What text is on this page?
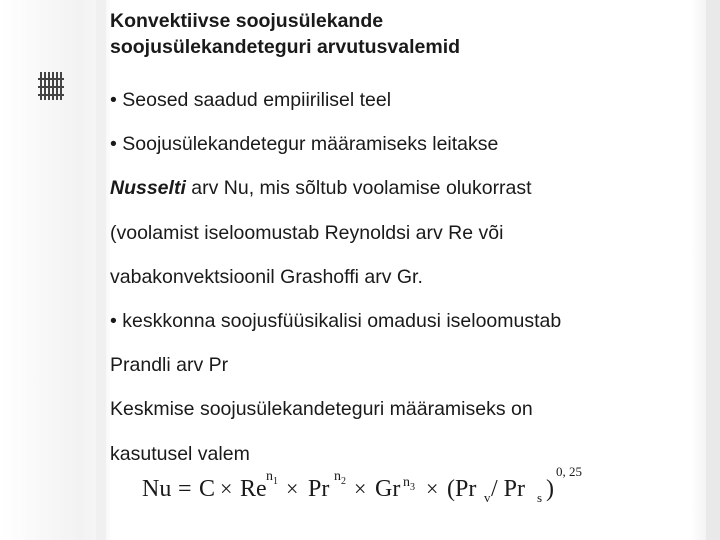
Konvektiivse soojusülekande
soojusülekandeteguri arvutusvalemid
• Seosed saadud empiirilisel teel
• Soojusülekandetegur määramiseks leitakse
Nusselti arv Nu, mis sõltub voolamise olukorrast
(voolamist iseloomustab Reynoldsi arv Re või
vabakonvektsioonil Grashoffi arv Gr.
• keskkonna soojusfüüsikalisi omadusi iseloomustab
Prandli arv Pr
Keskmise soojusülekandeteguri määramiseks on
kasutusel valem
Nu = C × Re n 1 × Pr n 2 × Gr n 3 × (Pr v / Pr s )
0, 25
